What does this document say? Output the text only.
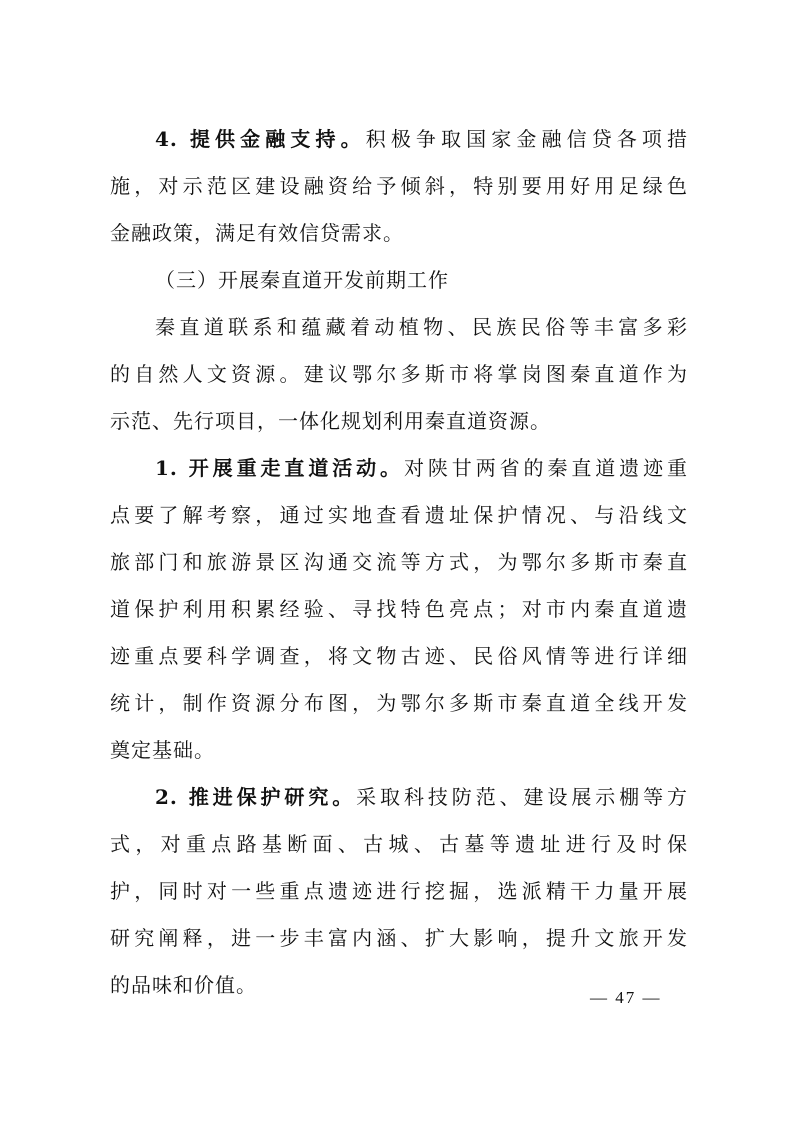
4. 提供金融支持。积极争取国家金融信贷各项措
施，对示范区建设融资给予倾斜，特别要用好用足绿色
金融政策，满足有效信贷需求。
（三）开展秦直道开发前期工作
秦直道联系和蕴藏着动植物、民族民俗等丰富多彩
的自然人文资源。建议鄂尔多斯市将掌岗图秦直道作为
示范、先行项目，一体化规划利用秦直道资源。
1. 开展重走直道活动。对陕甘两省的秦直道遗迹重
点要了解考察，通过实地查看遗址保护情况、与沿线文
旅部门和旅游景区沟通交流等方式，为鄂尔多斯市秦直
道保护利用积累经验、寻找特色亮点；对市内秦直道遗
迹重点要科学调查，将文物古迹、民俗风情等进行详细
统计，制作资源分布图，为鄂尔多斯市秦直道全线开发
奠定基础。
2. 推进保护研究。采取科技防范、建设展示棚等方
式，对重点路基断面、古城、古墓等遗址进行及时保
护，同时对一些重点遗迹进行挖掘，选派精干力量开展
研究阐释，进一步丰富内涵、扩大影响，提升文旅开发
的品味和价值。
— 47 —
